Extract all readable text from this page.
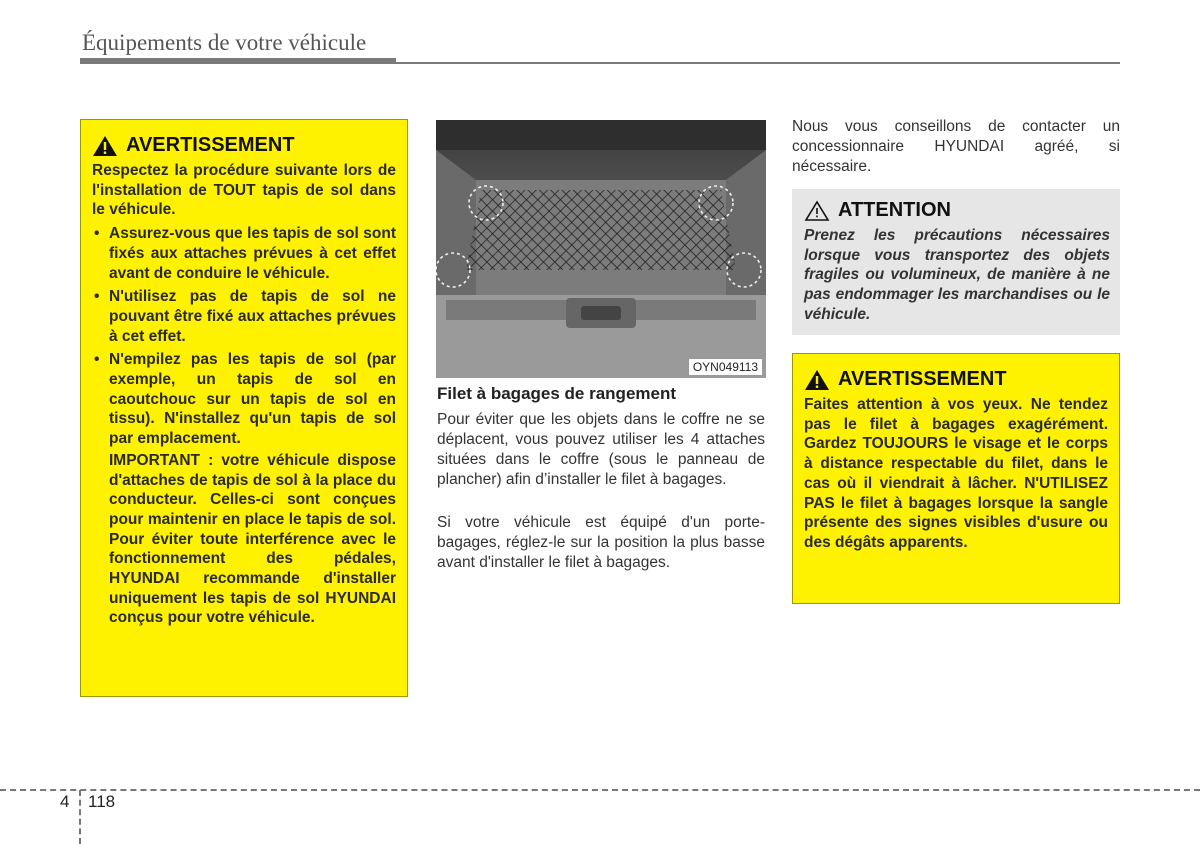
Équipements de votre véhicule
AVERTISSEMENT
Respectez la procédure suivante lors de l'installation de TOUT tapis de sol dans le véhicule.
• Assurez-vous que les tapis de sol sont fixés aux attaches prévues à cet effet avant de conduire le véhicule.
• N'utilisez pas de tapis de sol ne pouvant être fixé aux attaches prévues à cet effet.
• N'empilez pas les tapis de sol (par exemple, un tapis de sol en caoutchouc sur un tapis de sol en tissu). N'installez qu'un tapis de sol par emplacement.
IMPORTANT : votre véhicule dispose d'attaches de tapis de sol à la place du conducteur. Celles-ci sont conçues pour maintenir en place le tapis de sol. Pour éviter toute interférence avec le fonctionnement des pédales, HYUNDAI recommande d'installer uniquement les tapis de sol HYUNDAI conçus pour votre véhicule.
OYN049113
Filet à bagages de rangement
Pour éviter que les objets dans le coffre ne se déplacent, vous pouvez utiliser les 4 attaches situées dans le coffre (sous le panneau de plancher) afin d’installer le filet à bagages.
Si votre véhicule est équipé d'un porte-bagages, réglez-le sur la position la plus basse avant d'installer le filet à bagages.
Nous vous conseillons de contacter un concessionnaire HYUNDAI agréé, si nécessaire.
ATTENTION
Prenez les précautions nécessaires lorsque vous transportez des objets fragiles ou volumineux, de manière à ne pas endommager les marchandises ou le véhicule.
AVERTISSEMENT
Faites attention à vos yeux. Ne tendez pas le filet à bagages exagérément. Gardez TOUJOURS le visage et le corps à distance respectable du filet, dans le cas où il viendrait à lâcher. N'UTILISEZ PAS le filet à bagages lorsque la sangle présente des signes visibles d'usure ou des dégâts apparents.
4 118
